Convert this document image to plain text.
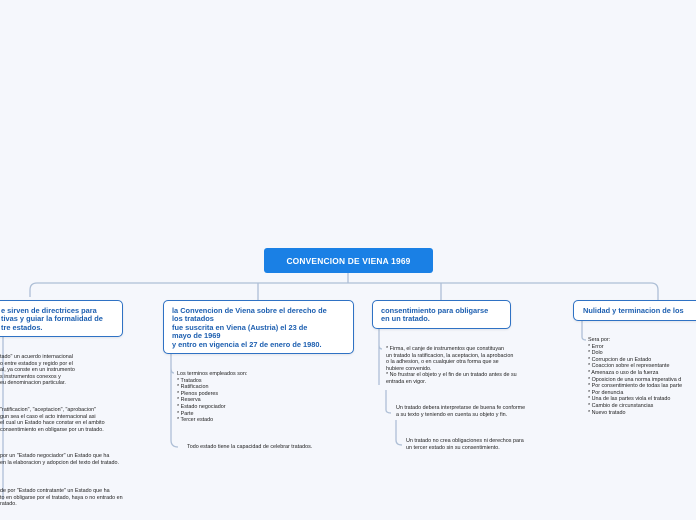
CONVENCION DE VIENA 1969
e sirven de directrices para
tivas y guiar la formalidad de
tre estados.
la Convencion de Viena sobre el derecho de
los tratados
fue suscrita en Viena (Austria) el 23 de
mayo de 1969
y entro en vigencia el 27 de enero de 1980.
consentimiento para obligarse
en un tratado.
Nulidad y terminacion de los
tado" un acuerdo internacional
o entre estados y regido por el
al, ya conste en un instrumento
s instrumentos conexos y
eu denominacion particular.
"ratificacion", "aceptacion", "aprobacion"
gun sea el caso el acto internacional asi
el cual un Estado hace constar en el ambito
consentimiento en obligarse por un tratado.
por un "Estado negociador" un Estado que ha
en la elaboracion y adopcion del texto del tratado.
de por "Estado contratante" un Estado que ha
to en obligarse por el tratado, haya o no entrado en
ratado.
Los terminos empleados son:
* Tratados
* Ratificacion
* Plenos poderes
* Reserva
* Estado negociador
* Parte
* Tercer estado
Todo estado tiene la capacidad de celebrar tratados.
* Firma, el canje de instrumentos que constituyan
un tratado la ratificacion, la aceptacion, la aprobacion
o la adhesion, o en cualquier otra forma que se
hubiere convenido.
* No frustrar el objeto y el fin de un tratado antes de su
entrada en vigor.
Un tratado debera interpretarse de buena fe conforme
a su texto y teniendo en cuenta su objeto y fin.
Un tratado no crea obligaciones ni derechos para
un tercer estado sin su consentimiento.
Sera por:
* Error
* Dolo
* Corrupcion de un Estado
* Coaccion sobre el representante
* Amenaza o uso de la fuerza
* Oposicion de una norma imperativa d
* Por consentimiento de todas las parte
* Por denuncia
* Una de las partes viola el tratado
* Cambio de circunstancias
* Nuevo tratado
